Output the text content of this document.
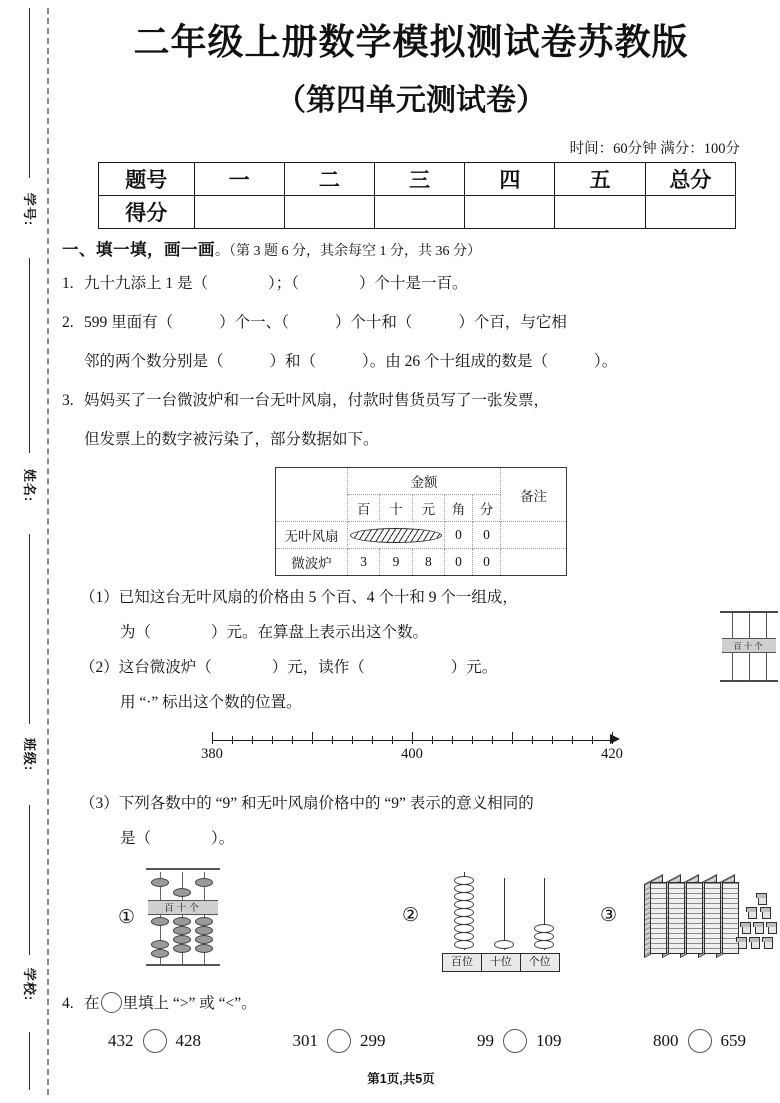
学号:
姓名:
班级:
学校:
二年级上册数学模拟测试卷苏教版
（第四单元测试卷）
时间：60分钟 满分：100分
题号	一	二	三	四	五	总分
得分						
一、填一填，画一画。（第 3 题 6 分，其余每空 1 分，共 36 分）
1. 九十九添上 1 是（	）；（	）个十是一百。
2. 599 里面有（	）个一、（	）个十和（	）个百，与它相
邻的两个数分别是（	）和（	）。由 26 个十组成的数是（	）。
3. 妈妈买了一台微波炉和一台无叶风扇，付款时售货员写了一张发票，
但发票上的数字被污染了，部分数据如下。
	金额					备注
	百	十	元	角	分	
无叶风扇				0	0	
微波炉	3	9	8	0	0	
（1）已知这台无叶风扇的价格由 5 个百、4 个十和 9 个一组成，
为（	）元。在算盘上表示出这个数。
（2）这台微波炉（	）元，读作（	）元。
用 “·” 标出这个数的位置。
380	400	420
（3）下列各数中的 “9” 和无叶风扇价格中的 “9” 表示的意义相同的
是（	）。
①	百十个	②
百位	十位	个位
③
4. 在 里填上 “>” 或 “<”。
432 428	301 299	99 109	800 659
百十个
第1页,共5页
